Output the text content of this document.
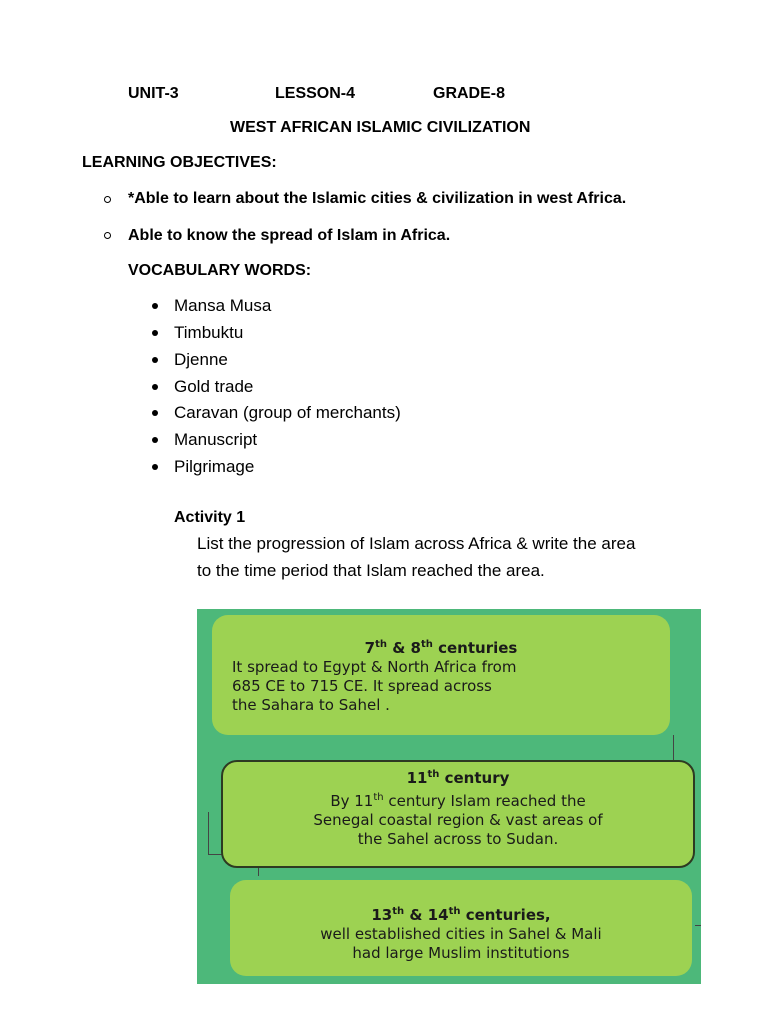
UNIT-3	LESSON-4	GRADE-8
WEST AFRICAN ISLAMIC CIVILIZATION
LEARNING OBJECTIVES:
*Able to learn about the Islamic cities & civilization in west Africa.
Able to know the spread of Islam in Africa.
VOCABULARY WORDS:
Mansa Musa
Timbuktu
Djenne
Gold trade
Caravan (group of merchants)
Manuscript
Pilgrimage
Activity 1
List the progression of Islam across Africa & write the area
to the time period that Islam reached the area.
7th & 8th centuries
It spread to Egypt & North Africa from
685 CE to 715 CE. It spread across
the Sahara to Sahel .
11th century
By 11th century Islam reached the
Senegal coastal region & vast areas of
the Sahel across to Sudan.
13th & 14th centuries,
well established cities in Sahel & Mali
had large Muslim institutions
